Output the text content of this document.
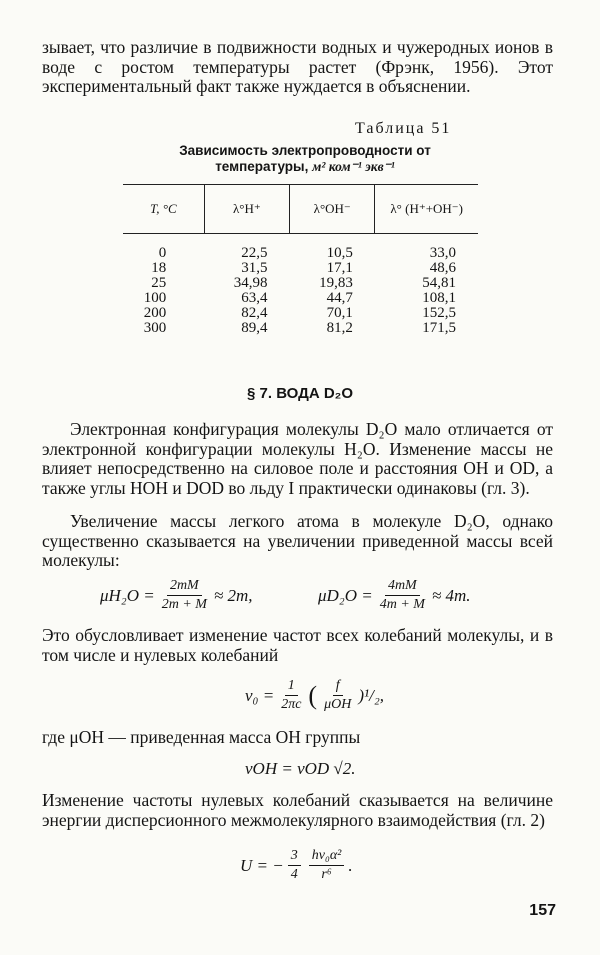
зывает, что различие в подвижности водных и чужеродных ионов в воде с ростом температуры растет (Фрэнк, 1956). Этот экспериментальный факт также нуждается в объяснении.
Таблица 51
Зависимость электропроводности от
температуры, м² ком⁻¹ экв⁻¹
T, °C	λ°H⁺	λ°OH⁻	λ° (H⁺+OH⁻)
0	22,5	10,5	33,0
18	31,5	17,1	48,6
25	34,98	19,83	54,81
100	63,4	44,7	108,1
200	82,4	70,1	152,5
300	89,4	81,2	171,5
§ 7. ВОДА D₂O
Электронная конфигурация молекулы D₂O мало отличается от электронной конфигурации молекулы H₂O. Изменение массы не влияет непосредственно на силовое поле и расстояния OH и OD, а также углы HOH и DOD во льду I практически одинаковы (гл. 3).
Увеличение массы легкого атома в молекуле D₂O, однако существенно сказывается на увеличении приведенной массы всей молекулы:
$\mu H_2O = \frac{2mM}{2m + M} \approx 2m$,	$\mu D_2O = \frac{4mM}{4m + M} \approx 4m$.
Это обусловливает изменение частот всех колебаний молекулы, и в том числе и нулевых колебаний
$\nu_0 = \frac{1}{2\pi c}$ ( $\frac{f}{\text{μOH}} )^1/_2$,
где μOH — приведенная масса OH группы
νOH = νOD √2.
Изменение частоты нулевых колебаний сказывается на величине энергии дисперсионного межмолекулярного взаимодействия (гл. 2)
U = − $\frac{3}{4} \frac{\text{hν₀α²}}{\text{r⁶}}$ .
157
